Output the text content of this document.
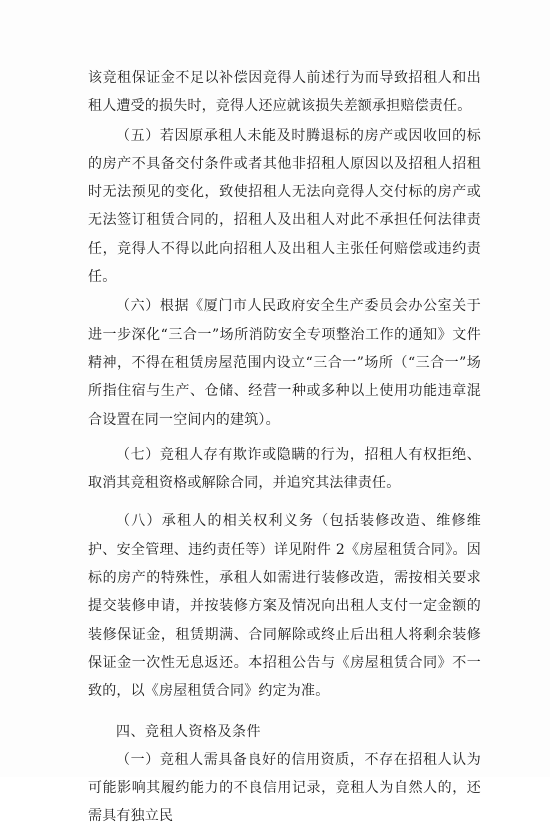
该竞租保证金不足以补偿因竞得人前述行为而导致招租人和出租人遭受的损失时，竞得人还应就该损失差额承担赔偿责任。

（五）若因原承租人未能及时腾退标的房产或因收回的标的房产不具备交付条件或者其他非招租人原因以及招租人招租时无法预见的变化，致使招租人无法向竞得人交付标的房产或无法签订租赁合同的，招租人及出租人对此不承担任何法律责任，竞得人不得以此向招租人及出租人主张任何赔偿或违约责任。

（六）根据《厦门市人民政府安全生产委员会办公室关于进一步深化“三合一”场所消防安全专项整治工作的通知》文件精神，不得在租赁房屋范围内设立“三合一”场所（“三合一”场所指住宿与生产、仓储、经营一种或多种以上使用功能违章混合设置在同一空间内的建筑）。

（七）竞租人存有欺诈或隐瞒的行为，招租人有权拒绝、取消其竞租资格或解除合同，并追究其法律责任。

（八）承租人的相关权利义务（包括装修改造、维修维护、安全管理、违约责任等）详见附件 2《房屋租赁合同》。因标的房产的特殊性，承租人如需进行装修改造，需按相关要求提交装修申请，并按装修方案及情况向出租人支付一定金额的装修保证金，租赁期满、合同解除或终止后出租人将剩余装修保证金一次性无息返还。本招租公告与《房屋租赁合同》不一致的，以《房屋租赁合同》约定为准。

四、竞租人资格及条件

（一）竞租人需具备良好的信用资质，不存在招租人认为可能影响其履约能力的不良信用记录，竞租人为自然人的，还需具有独立民
